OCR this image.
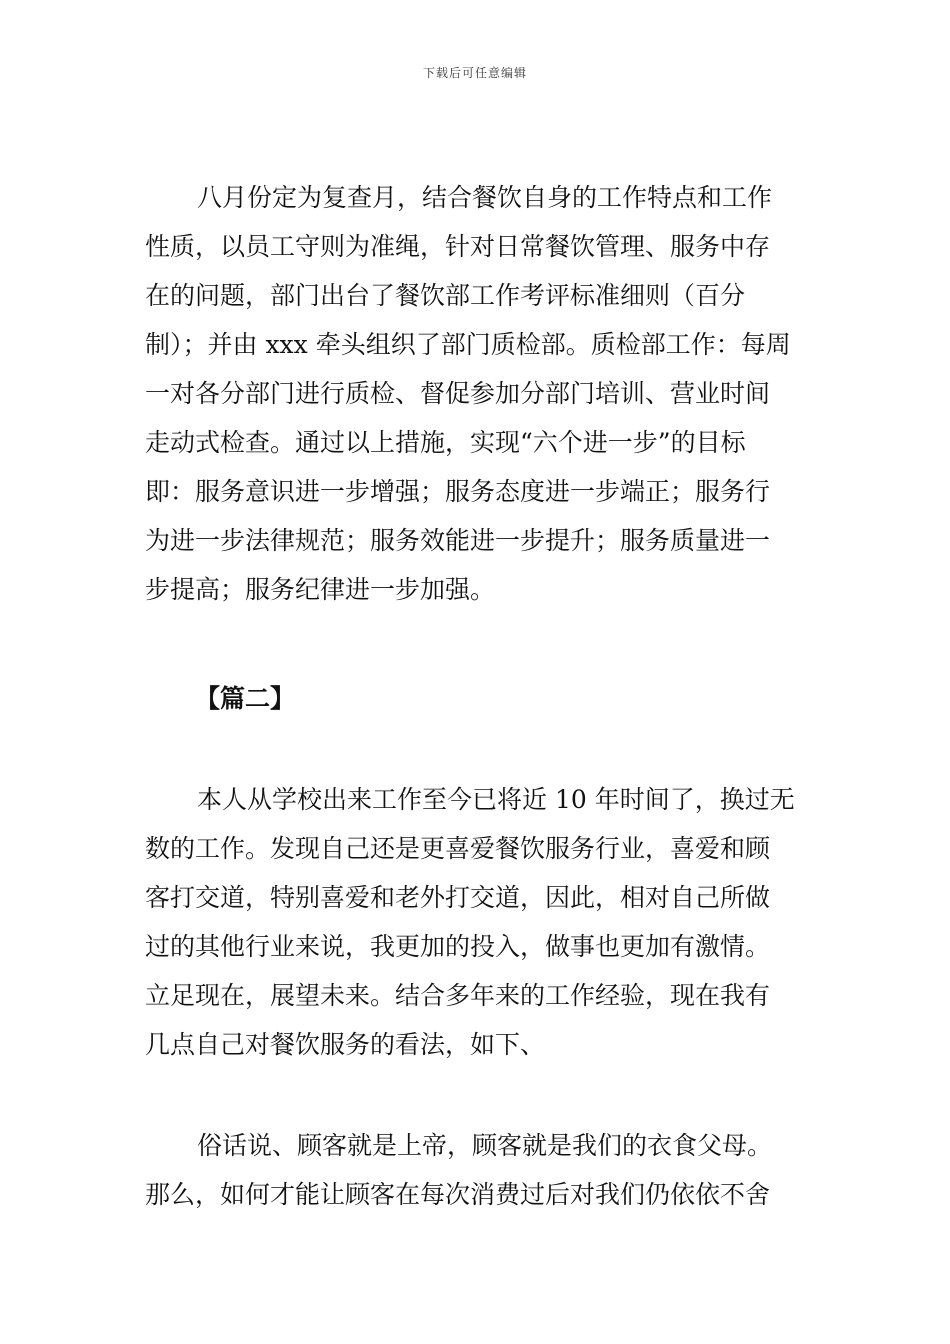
下载后可任意编辑
八月份定为复查月，结合餐饮自身的工作特点和工作
性质，以员工守则为准绳，针对日常餐饮管理、服务中存
在的问题，部门出台了餐饮部工作考评标准细则（百分
制）；并由 xxx 牵头组织了部门质检部。质检部工作：每周
一对各分部门进行质检、督促参加分部门培训、营业时间
走动式检查。通过以上措施，实现“六个进一步”的目标
即：服务意识进一步增强；服务态度进一步端正；服务行
为进一步法律规范；服务效能进一步提升；服务质量进一
步提高；服务纪律进一步加强。
【篇二】
本人从学校出来工作至今已将近 10 年时间了，换过无
数的工作。发现自己还是更喜爱餐饮服务行业，喜爱和顾
客打交道，特别喜爱和老外打交道，因此，相对自己所做
过的其他行业来说，我更加的投入，做事也更加有激情。
立足现在，展望未来。结合多年来的工作经验，现在我有
几点自己对餐饮服务的看法，如下、
俗话说、顾客就是上帝，顾客就是我们的衣食父母。
那么，如何才能让顾客在每次消费过后对我们仍依依不舍
